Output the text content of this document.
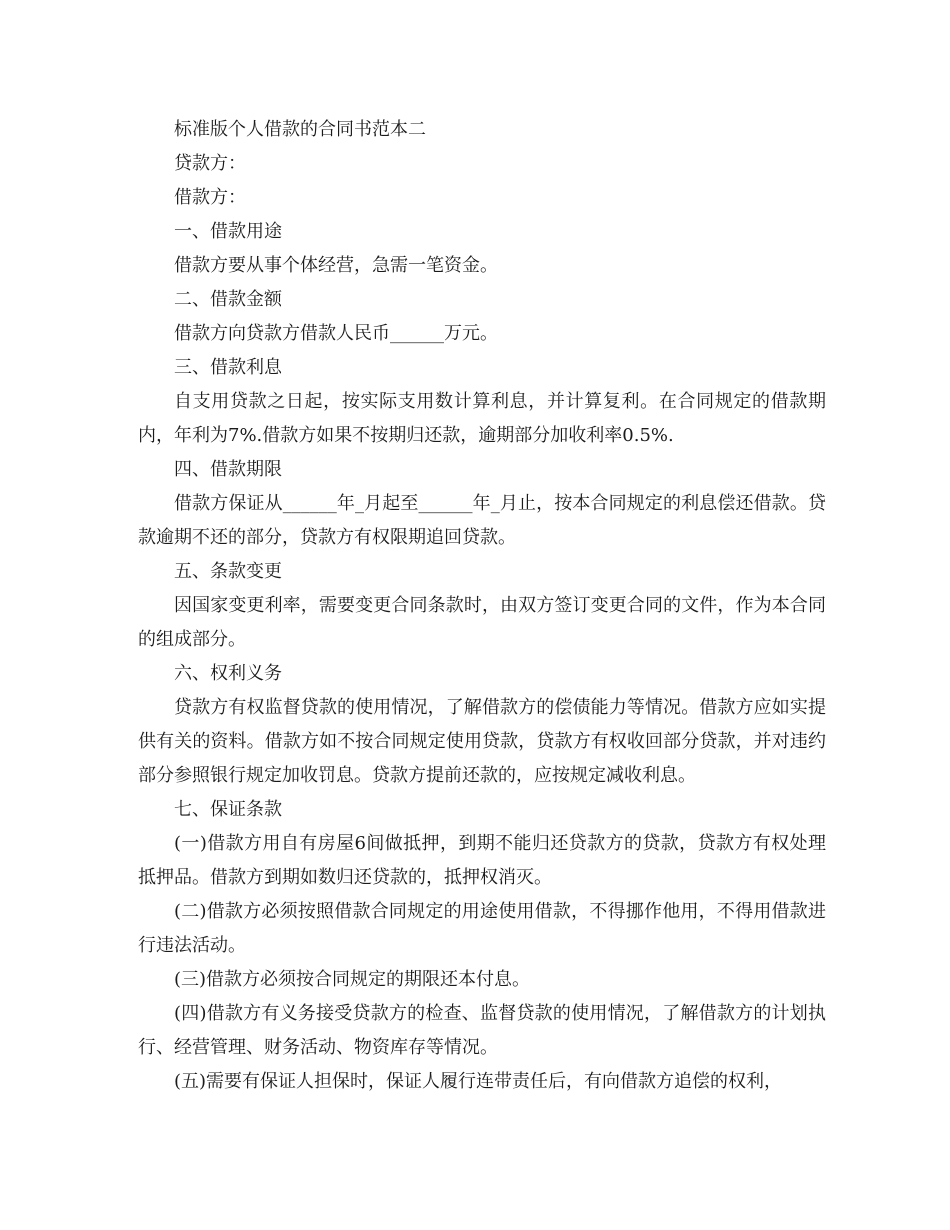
标准版个人借款的合同书范本二

贷款方：

借款方：

一、借款用途

借款方要从事个体经营，急需一笔资金。

二、借款金额

借款方向贷款方借款人民币______万元。

三、借款利息

自支用贷款之日起，按实际支用数计算利息，并计算复利。在合同规定的借款期内，年利为7%.借款方如果不按期归还款，逾期部分加收利率0.5%.

四、借款期限

借款方保证从______年_月起至______年_月止，按本合同规定的利息偿还借款。贷款逾期不还的部分，贷款方有权限期追回贷款。

五、条款变更

因国家变更利率，需要变更合同条款时，由双方签订变更合同的文件，作为本合同的组成部分。

六、权利义务

贷款方有权监督贷款的使用情况，了解借款方的偿债能力等情况。借款方应如实提供有关的资料。借款方如不按合同规定使用贷款，贷款方有权收回部分贷款，并对违约部分参照银行规定加收罚息。贷款方提前还款的，应按规定减收利息。

七、保证条款

(一)借款方用自有房屋6间做抵押，到期不能归还贷款方的贷款，贷款方有权处理抵押品。借款方到期如数归还贷款的，抵押权消灭。

(二)借款方必须按照借款合同规定的用途使用借款，不得挪作他用，不得用借款进行违法活动。

(三)借款方必须按合同规定的期限还本付息。

(四)借款方有义务接受贷款方的检查、监督贷款的使用情况，了解借款方的计划执行、经营管理、财务活动、物资库存等情况。

(五)需要有保证人担保时，保证人履行连带责任后，有向借款方追偿的权利，
